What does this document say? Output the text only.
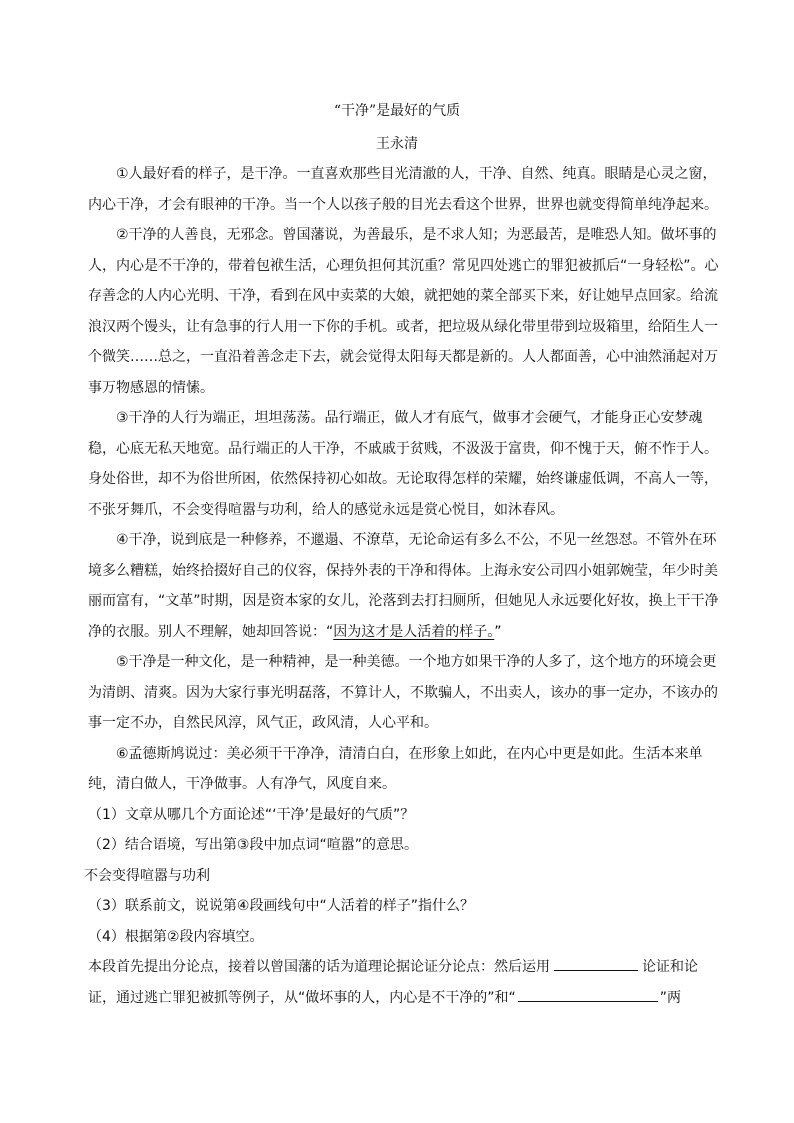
“干净”是最好的气质
王永清

①人最好看的样子，是干净。一直喜欢那些目光清澈的人，干净、自然、纯真。眼睛是心灵之窗，内心干净，才会有眼神的干净。当一个人以孩子般的目光去看这个世界，世界也就变得简单纯净起来。

②干净的人善良，无邪念。曾国藩说，为善最乐，是不求人知；为恶最苦，是唯恐人知。做坏事的人，内心是不干净的，带着包袱生活，心理负担何其沉重？常见四处逃亡的罪犯被抓后“一身轻松”。心存善念的人内心光明、干净，看到在风中卖菜的大娘，就把她的菜全部买下来，好让她早点回家。给流浪汉两个馒头，让有急事的行人用一下你的手机。或者，把垃圾从绿化带里带到垃圾箱里，给陌生人一个微笑……总之，一直沿着善念走下去，就会觉得太阳每天都是新的。人人都面善，心中油然涌起对万事万物感恩的情愫。

③干净的人行为端正，坦坦荡荡。品行端正，做人才有底气，做事才会硬气，才能身正心安梦魂稳，心底无私天地宽。品行端正的人干净，不戚戚于贫贱，不汲汲于富贵，仰不愧于天，俯不怍于人。身处俗世，却不为俗世所困，依然保持初心如故。无论取得怎样的荣耀，始终谦虚低调，不高人一等，不张牙舞爪，不会变得喧嚣与功利，给人的感觉永远是赏心悦目，如沐春风。

④干净，说到底是一种修养，不邋遢、不潦草，无论命运有多么不公，不见一丝怨怼。不管外在环境多么糟糕，始终拾掇好自己的仪容，保持外表的干净和得体。上海永安公司四小姐郭婉莹，年少时美丽而富有，“文革”时期，因是资本家的女儿，沦落到去打扫厕所，但她见人永远要化好妆，换上干干净净的衣服。别人不理解，她却回答说：“因为这才是人活着的样子。”

⑤干净是一种文化，是一种精神，是一种美德。一个地方如果干净的人多了，这个地方的环境会更为清朗、清爽。因为大家行事光明磊落，不算计人，不欺骗人，不出卖人，该办的事一定办，不该办的事一定不办，自然民风淳，风气正，政风清，人心平和。

⑥孟德斯鸠说过：美必须干干净净，清清白白，在形象上如此，在内心中更是如此。生活本来单纯，清白做人，干净做事。人有净气，风度自来。

（1）文章从哪几个方面论述“‘干净’是最好的气质”？

（2）结合语境，写出第③段中加点词“喧嚣”的意思。

不会变得喧嚣与功利

（3）联系前文，说说第④段画线句中“人活着的样子”指什么？

（4）根据第②段内容填空。

本段首先提出分论点，接着以曾国藩的话为道理论据论证分论点：然后运用	论证和论证，通过逃亡罪犯被抓等例子，从“做坏事的人，内心是不干净的”和“	”两
